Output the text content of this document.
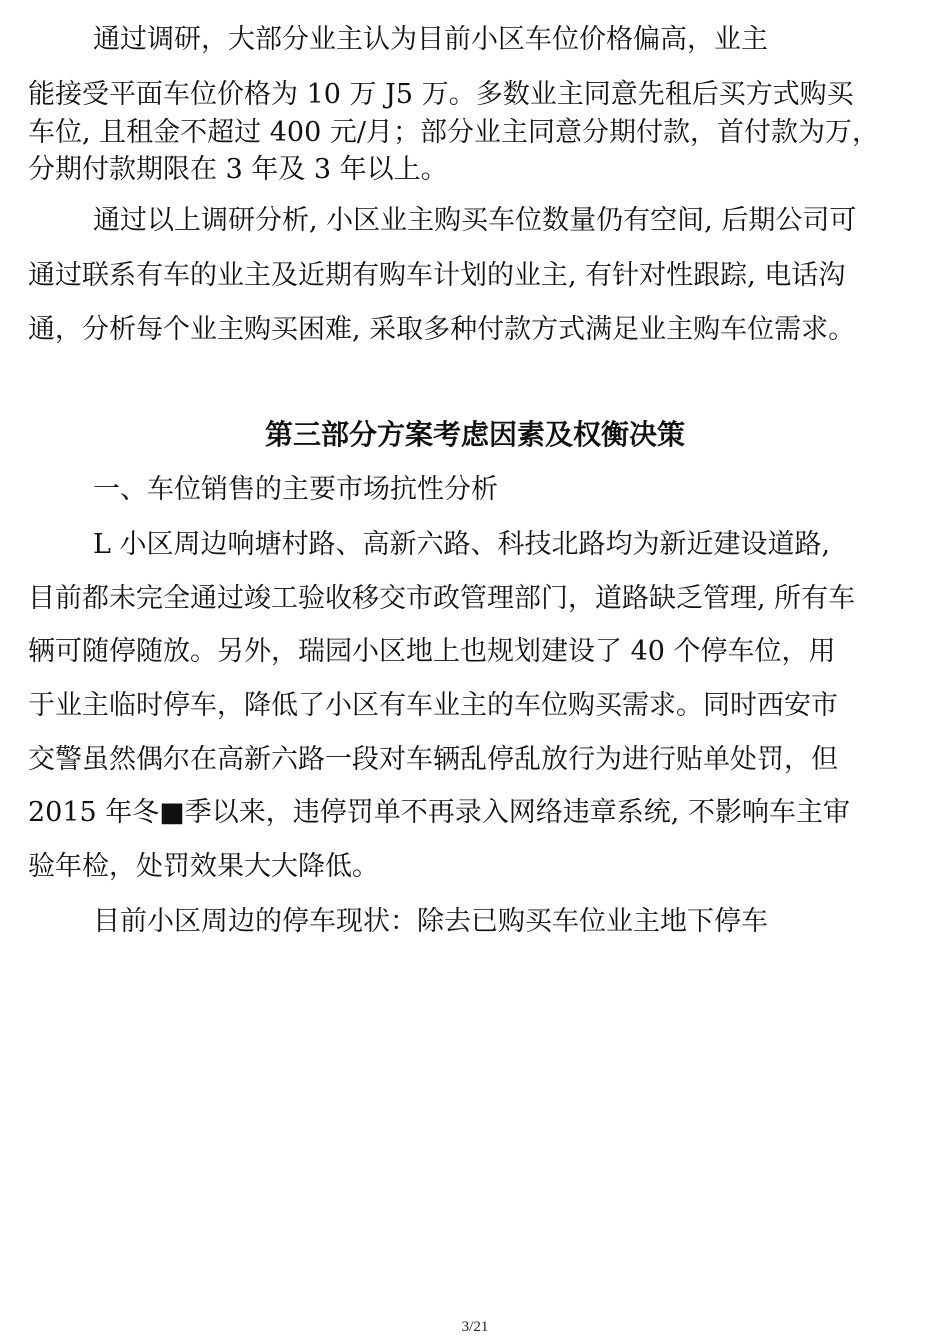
通过调研，大部分业主认为目前小区车位价格偏高，业主
能接受平面车位价格为 10 万 J5 万。多数业主同意先租后买方式购买
车位, 且租金不超过 400 元/月；部分业主同意分期付款，首付款为万，
分期付款期限在 3 年及 3 年以上。
通过以上调研分析, 小区业主购买车位数量仍有空间, 后期公司可
通过联系有车的业主及近期有购车计划的业主, 有针对性跟踪, 电话沟
通，分析每个业主购买困难, 采取多种付款方式满足业主购车位需求。
第三部分方案考虑因素及权衡决策
一、车位销售的主要市场抗性分析
L 小区周边响塘村路、高新六路、科技北路均为新近建设道路,
目前都未完全通过竣工验收移交市政管理部门，道路缺乏管理, 所有车
辆可随停随放。另外，瑞园小区地上也规划建设了 40 个停车位，用
于业主临时停车，降低了小区有车业主的车位购买需求。同时西安市
交警虽然偶尔在高新六路一段对车辆乱停乱放行为进行贴单处罚，但
2015 年冬■季以来，违停罚单不再录入网络违章系统, 不影响车主审
验年检，处罚效果大大降低。
目前小区周边的停车现状：除去已购买车位业主地下停车
3/21
